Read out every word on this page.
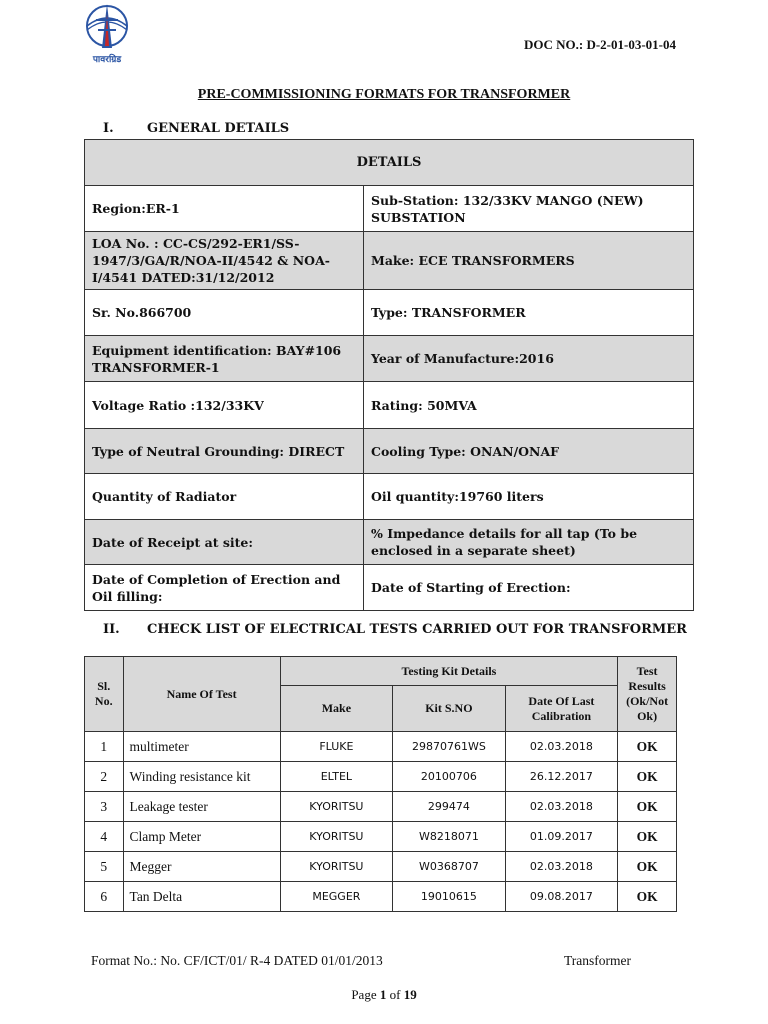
पावरग्रिड
DOC NO.: D-2-01-03-01-04
PRE-COMMISSIONING FORMATS FOR TRANSFORMER
I.	GENERAL DETAILS
DETAILS	
Region:ER-1	Sub-Station: 132/33KV MANGO (NEW) SUBSTATION
LOA No. : CC-CS/292-ER1/SS-1947/3/GA/R/NOA-II/4542 & NOA-I/4541 DATED:31/12/2012	Make: ECE TRANSFORMERS
Sr. No.866700	Type: TRANSFORMER
Equipment identification: BAY#106 TRANSFORMER-1	Year of Manufacture:2016
Voltage Ratio :132/33KV	Rating: 50MVA
Type of Neutral Grounding: DIRECT	Cooling Type: ONAN/ONAF
Quantity of Radiator	Oil quantity:19760 liters
Date of Receipt at site:	% Impedance details for all tap (To be enclosed in a separate sheet)
Date of Completion of Erection and Oil filling:	Date of Starting of Erection:
II. CHECK LIST OF ELECTRICAL TESTS CARRIED OUT FOR TRANSFORMER
Sl. No.	Name Of Test	Testing Kit Details			Test Results (Ok/Not Ok)
		Make	Kit S.NO	Date Of Last Calibration	
1	multimeter	FLUKE	29870761WS	02.03.2018	OK
2	Winding resistance kit	ELTEL	20100706	26.12.2017	OK
3	Leakage tester	KYORITSU	299474	02.03.2018	OK
4	Clamp Meter	KYORITSU	W8218071	01.09.2017	OK
5	Megger	KYORITSU	W0368707	02.03.2018	OK
6	Tan Delta	MEGGER	19010615	09.08.2017	OK
Format No.: No. CF/ICT/01/ R-4 DATED 01/01/2013	Transformer
Page 1 of 19
